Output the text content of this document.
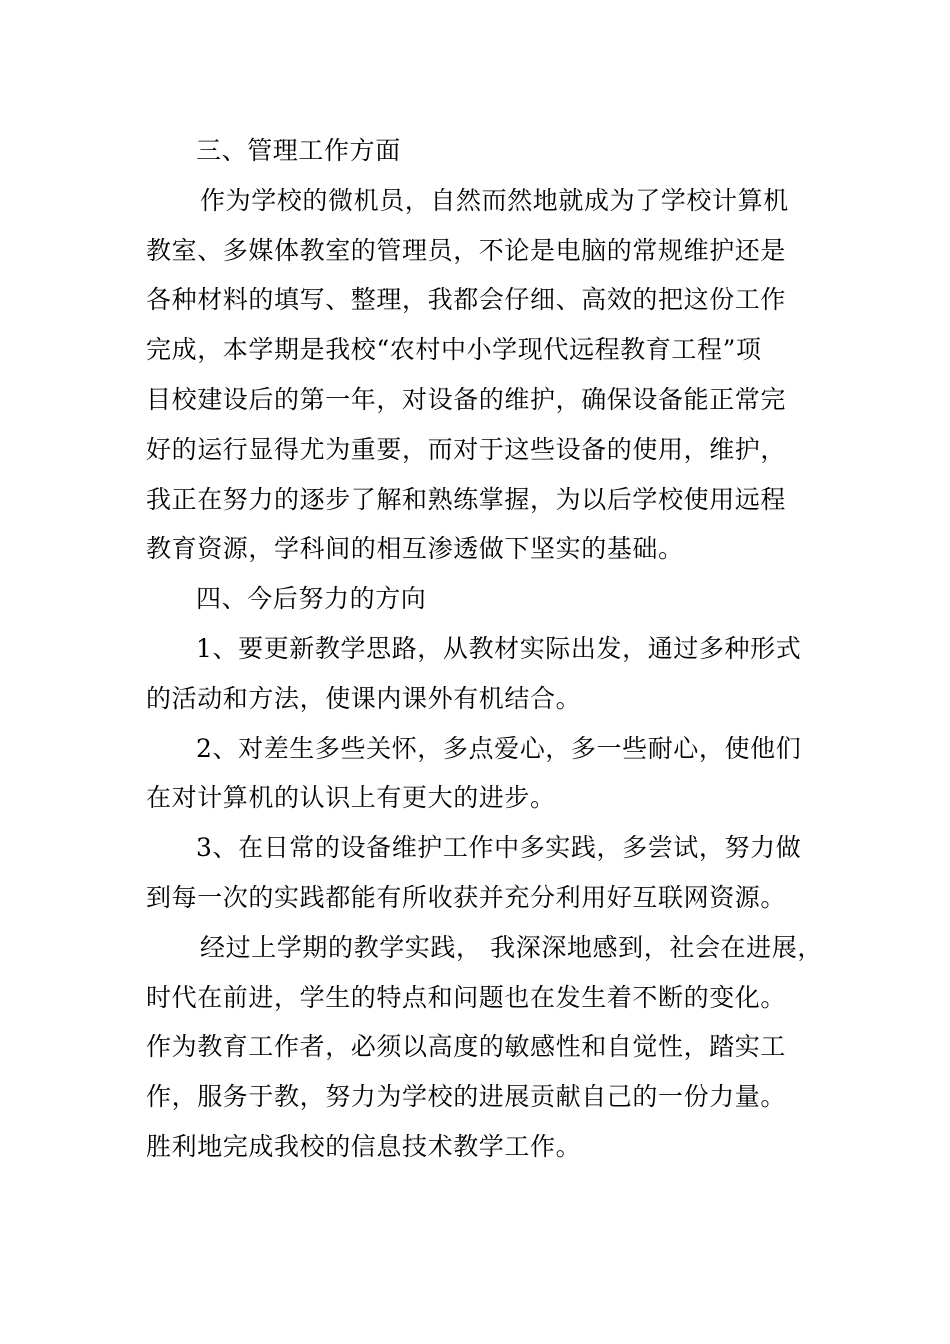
三、管理工作方面
作为学校的微机员，自然而然地就成为了学校计算机
教室、多媒体教室的管理员，不论是电脑的常规维护还是
各种材料的填写、整理，我都会仔细、高效的把这份工作
完成，本学期是我校“农村中小学现代远程教育工程”项
目校建设后的第一年，对设备的维护，确保设备能正常完
好的运行显得尤为重要，而对于这些设备的使用，维护，
我正在努力的逐步了解和熟练掌握，为以后学校使用远程
教育资源，学科间的相互渗透做下坚实的基础。
四、今后努力的方向
1、要更新教学思路，从教材实际出发，通过多种形式
的活动和方法，使课内课外有机结合。
2、对差生多些关怀，多点爱心，多一些耐心，使他们
在对计算机的认识上有更大的进步。
3、在日常的设备维护工作中多实践，多尝试，努力做
到每一次的实践都能有所收获并充分利用好互联网资源。
经过上学期的教学实践， 我深深地感到，社会在进展，
时代在前进，学生的特点和问题也在发生着不断的变化。
作为教育工作者，必须以高度的敏感性和自觉性，踏实工
作，服务于教，努力为学校的进展贡献自己的一份力量。
胜利地完成我校的信息技术教学工作。
